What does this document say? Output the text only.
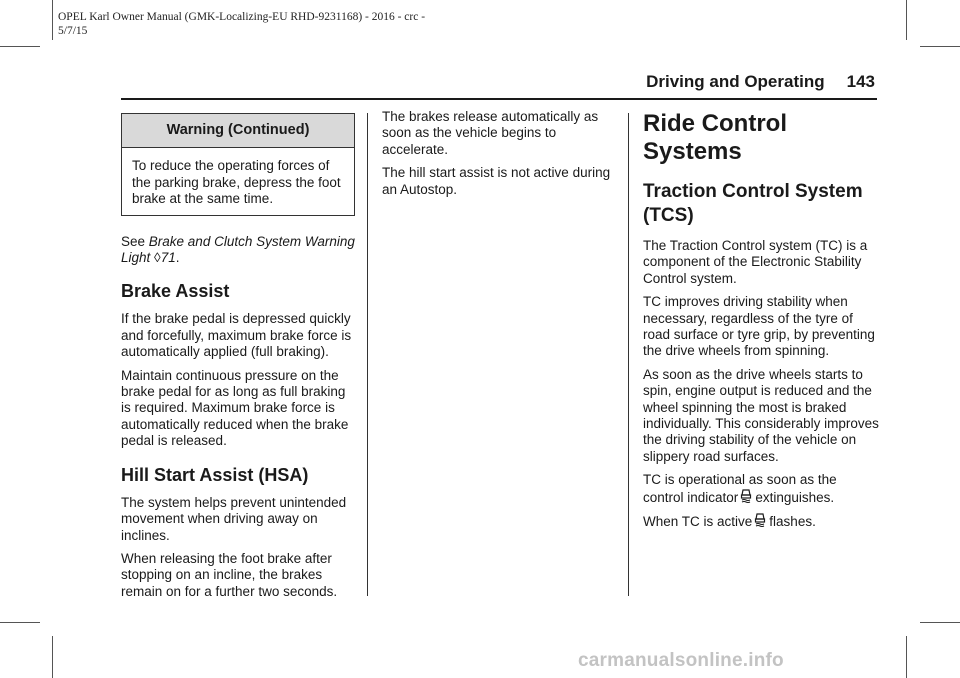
OPEL Karl Owner Manual (GMK-Localizing-EU RHD-9231168) - 2016 - crc -
5/7/15
Driving and Operating 143
Warning (Continued)
To reduce the operating forces of the parking brake, depress the foot brake at the same time.

See Brake and Clutch System Warning Light ◊71.

Brake Assist

If the brake pedal is depressed quickly and forcefully, maximum brake force is automatically applied (full braking).

Maintain continuous pressure on the brake pedal for as long as full braking is required. Maximum brake force is automatically reduced when the brake pedal is released.

Hill Start Assist (HSA)

The system helps prevent unintended movement when driving away on inclines.

When releasing the foot brake after stopping on an incline, the brakes remain on for a further two seconds.

The brakes release automatically as soon as the vehicle begins to accelerate.

The hill start assist is not active during an Autostop.

Ride Control Systems
Traction Control System (TCS)

The Traction Control system (TC) is a component of the Electronic Stability Control system.

TC improves driving stability when necessary, regardless of the tyre of road surface or tyre grip, by preventing the drive wheels from spinning.

As soon as the drive wheels starts to spin, engine output is reduced and the wheel spinning the most is braked individually. This considerably improves the driving stability of the vehicle on slippery road surfaces.

TC is operational as soon as the control indicator extinguishes.

When TC is active flashes.

carmanualsonline.info
